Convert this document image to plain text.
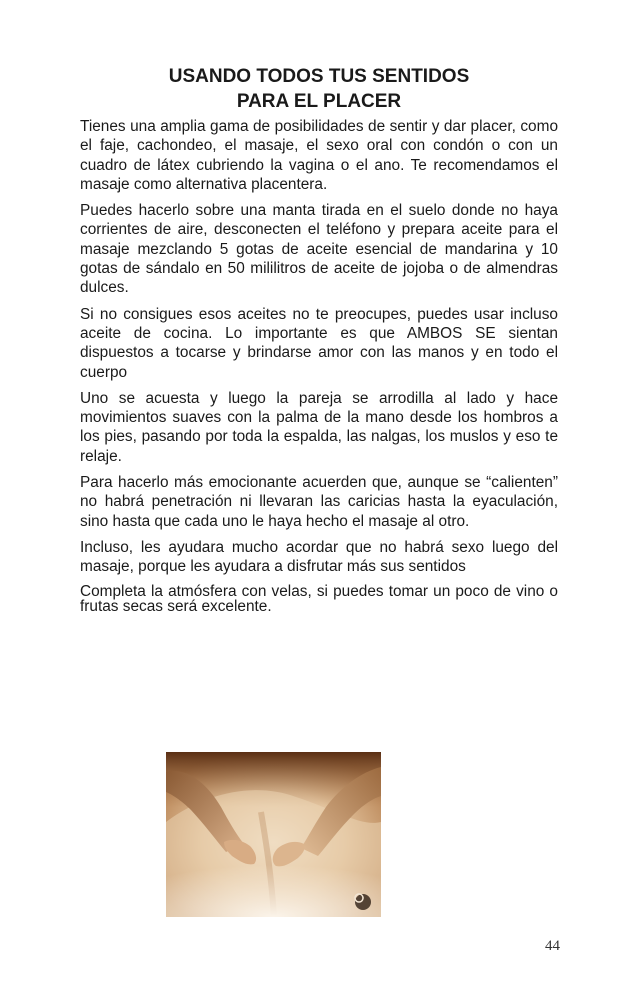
USANDO TODOS TUS SENTIDOS
PARA EL PLACER

Tienes una amplia gama de posibilidades de sentir y dar placer, como el faje, cachondeo, el masaje, el sexo oral con condón o con un cuadro de látex cubriendo la vagina o el ano. Te recomendamos el masaje como alternativa placentera.

Puedes hacerlo sobre una manta tirada en el suelo donde no haya corrientes de aire, desconecten el teléfono y prepara aceite para el masaje mezclando 5 gotas de aceite esencial de mandarina y 10 gotas de sándalo en 50 mililitros de aceite de jojoba o de almendras dulces.

Si no consigues esos aceites no te preocupes, puedes usar incluso aceite de cocina. Lo importante es que AMBOS SE sientan dispuestos a tocarse y brindarse amor con las manos y en todo el cuerpo

Uno se acuesta y luego la pareja se arrodilla al lado y hace movimientos suaves con la palma de la mano desde los hombros a los pies, pasando por toda la espalda, las nalgas, los muslos y eso te relaje.

Para hacerlo más emocionante acuerden que, aunque se “calienten” no habrá penetración ni llevaran las caricias hasta la eyaculación, sino hasta que cada uno le haya hecho el masaje al otro.

Incluso, les ayudara mucho acordar que no habrá sexo luego del masaje, porque les ayudara a disfrutar más sus sentidos

Completa la atmósfera con velas, si puedes tomar un poco de vino o frutas secas será excelente.

44
